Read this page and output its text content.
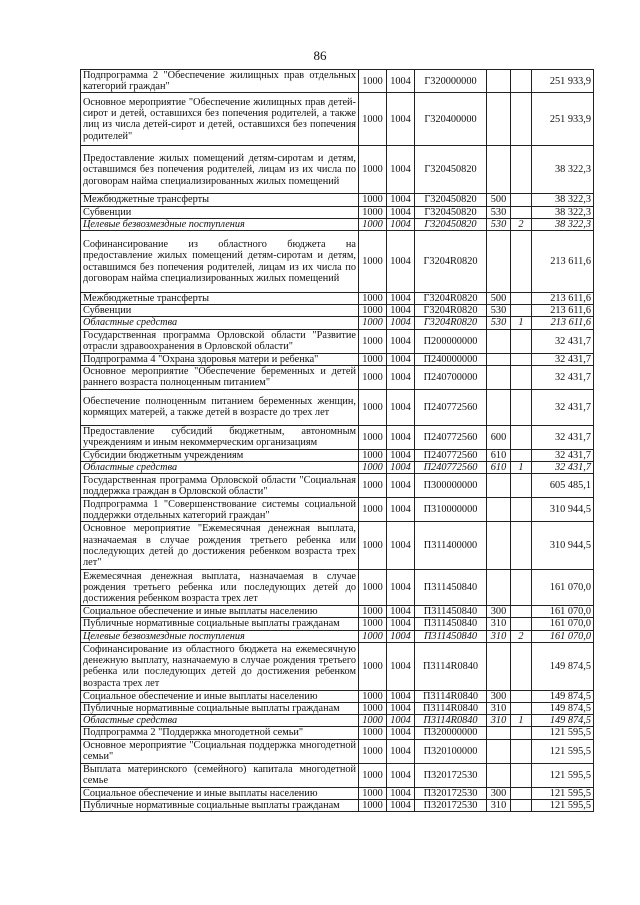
86
Подпрограмма 2 "Обеспечение жилищных прав отдельных категорий граждан"	1000	1004	Г320000000			251 933,9
Основное мероприятие "Обеспечение жилищных прав детей-сирот и детей, оставшихся без попечения родителей, а также лиц из числа детей-сирот и детей, оставшихся без попечения родителей"	1000	1004	Г320400000			251 933,9
Предоставление жилых помещений детям-сиротам и детям, оставшимся без попечения родителей, лицам из их числа по договорам найма специализированных жилых помещений	1000	1004	Г320450820			38 322,3
Межбюджетные трансферты	1000	1004	Г320450820	500		38 322,3
Субвенции	1000	1004	Г320450820	530		38 322,3
Целевые безвозмездные поступления	1000	1004	Г320450820	530	2	38 322,3
Софинансирование из областного бюджета на предоставление жилых помещений детям-сиротам и детям, оставшимся без попечения родителей, лицам из их числа по договорам найма специализированных жилых помещений	1000	1004	Г3204R0820			213 611,6
Межбюджетные трансферты	1000	1004	Г3204R0820	500		213 611,6
Субвенции	1000	1004	Г3204R0820	530		213 611,6
Областные средства	1000	1004	Г3204R0820	530	1	213 611,6
Государственная программа Орловской области "Развитие отрасли здравоохранения в Орловской области"	1000	1004	П200000000			32 431,7
Подпрограмма 4 "Охрана здоровья матери и ребенка"	1000	1004	П240000000			32 431,7
Основное мероприятие "Обеспечение беременных и детей раннего возраста полноценным питанием"	1000	1004	П240700000			32 431,7
Обеспечение полноценным питанием беременных женщин, кормящих матерей, а также детей в возрасте до трех лет	1000	1004	П240772560			32 431,7
Предоставление субсидий бюджетным, автономным учреждениям и иным некоммерческим организациям	1000	1004	П240772560	600		32 431,7
Субсидии бюджетным учреждениям	1000	1004	П240772560	610		32 431,7
Областные средства	1000	1004	П240772560	610	1	32 431,7
Государственная программа Орловской области "Социальная поддержка граждан в Орловской области"	1000	1004	П300000000			605 485,1
Подпрограмма 1 "Совершенствование системы социальной поддержки отдельных категорий граждан"	1000	1004	П310000000			310 944,5
Основное мероприятие "Ежемесячная денежная выплата, назначаемая в случае рождения третьего ребенка или последующих детей до достижения ребенком возраста трех лет"	1000	1004	П311400000			310 944,5
Ежемесячная денежная выплата, назначаемая в случае рождения третьего ребенка или последующих детей до достижения ребенком возраста трех лет	1000	1004	П311450840			161 070,0
Социальное обеспечение и иные выплаты населению	1000	1004	П311450840	300		161 070,0
Публичные нормативные социальные выплаты гражданам	1000	1004	П311450840	310		161 070,0
Целевые безвозмездные поступления	1000	1004	П311450840	310	2	161 070,0
Софинансирование из областного бюджета на ежемесячную денежную выплату, назначаемую в случае рождения третьего ребенка или последующих детей до достижения ребенком возраста трех лет	1000	1004	П3114R0840			149 874,5
Социальное обеспечение и иные выплаты населению	1000	1004	П3114R0840	300		149 874,5
Публичные нормативные социальные выплаты гражданам	1000	1004	П3114R0840	310		149 874,5
Областные средства	1000	1004	П3114R0840	310	1	149 874,5
Подпрограмма 2 "Поддержка многодетной семьи"	1000	1004	П320000000			121 595,5
Основное мероприятие "Социальная поддержка многодетной семьи"	1000	1004	П320100000			121 595,5
Выплата материнского (семейного) капитала многодетной семье	1000	1004	П320172530			121 595,5
Социальное обеспечение и иные выплаты населению	1000	1004	П320172530	300		121 595,5
Публичные нормативные социальные выплаты гражданам	1000	1004	П320172530	310		121 595,5
